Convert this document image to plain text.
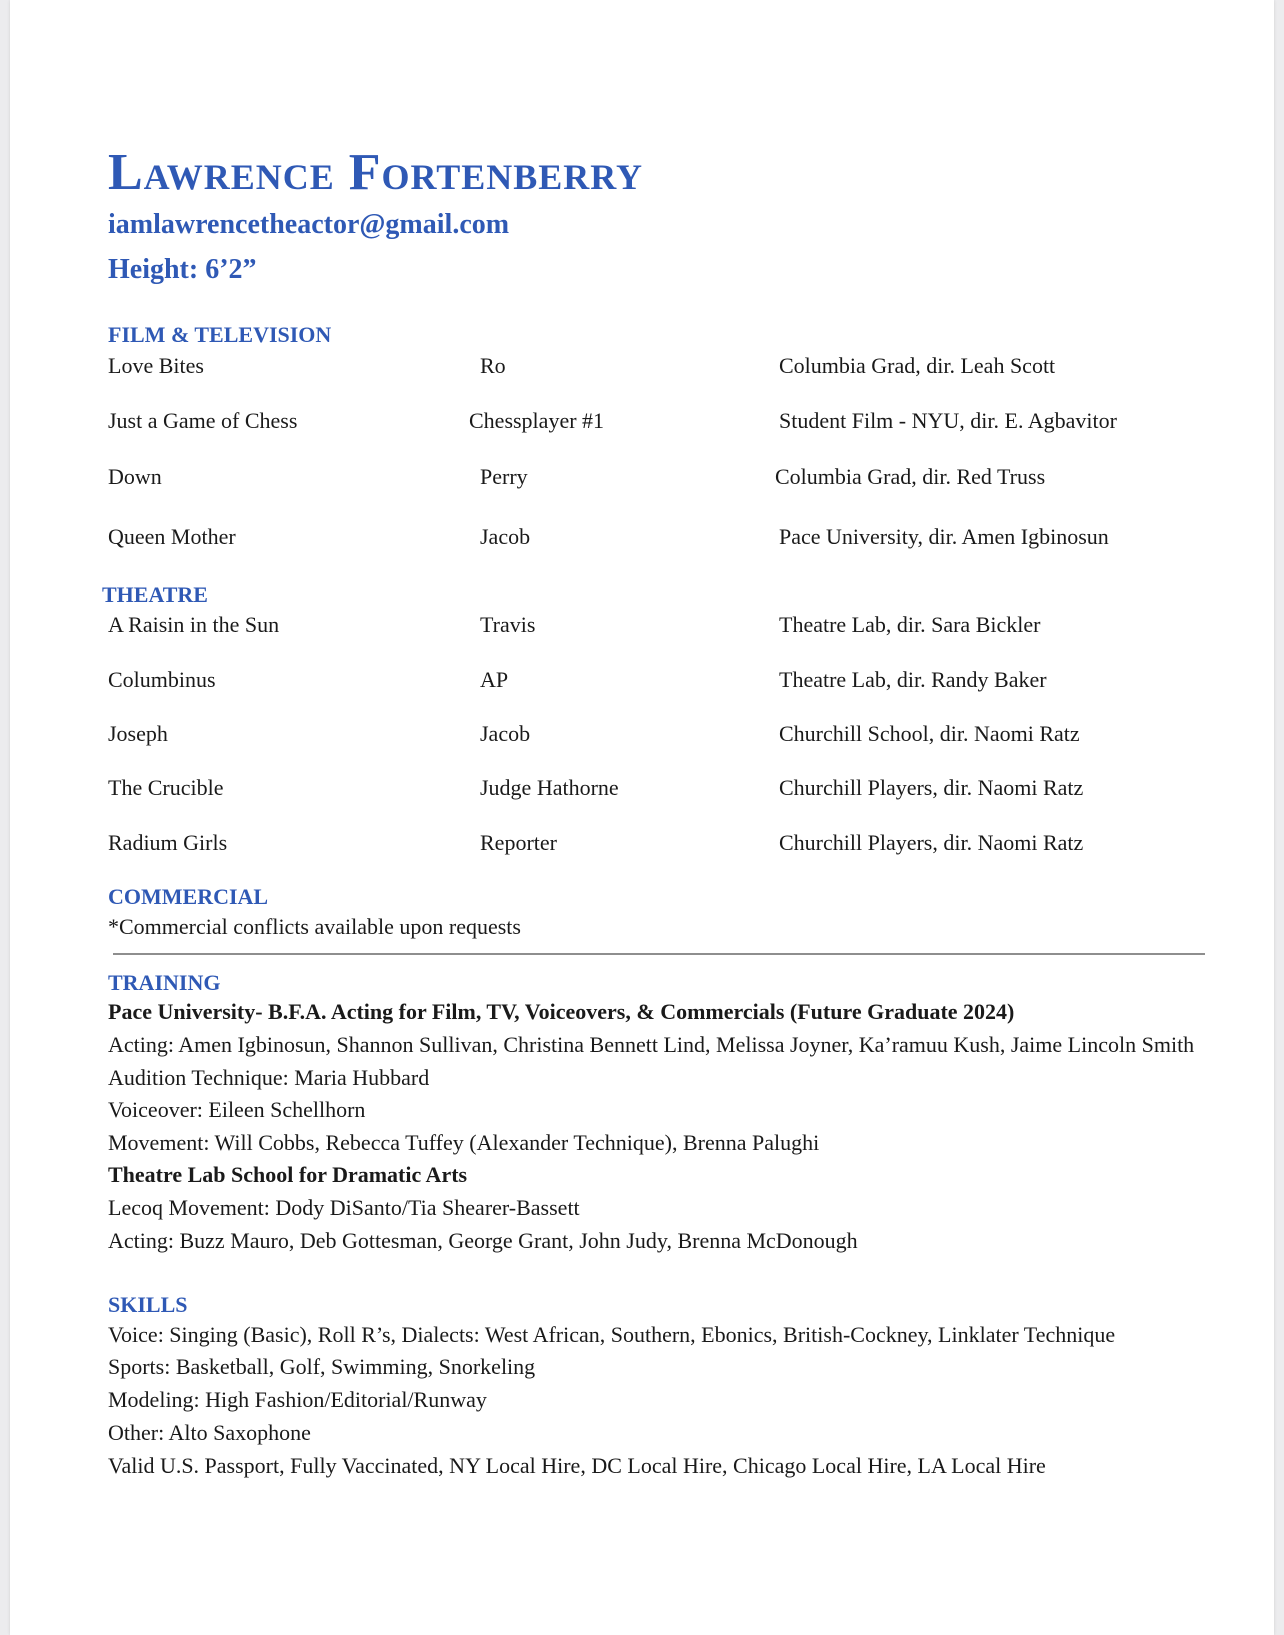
Lawrence Fortenberry
iamlawrencetheactor@gmail.com
Height: 6’2”
FILM & TELEVISION
Love Bites	Ro	Columbia Grad, dir. Leah Scott
Just a Game of Chess	Chessplayer #1	Student Film - NYU, dir. E. Agbavitor
Down	Perry	Columbia Grad, dir. Red Truss
Queen Mother	Jacob	Pace University, dir. Amen Igbinosun
THEATRE
A Raisin in the Sun	Travis	Theatre Lab, dir. Sara Bickler
Columbinus	AP	Theatre Lab, dir. Randy Baker
Joseph	Jacob	Churchill School, dir. Naomi Ratz
The Crucible	Judge Hathorne	Churchill Players, dir. Naomi Ratz
Radium Girls	Reporter	Churchill Players, dir. Naomi Ratz
COMMERCIAL
*Commercial conflicts available upon requests
TRAINING
Pace University- B.F.A. Acting for Film, TV, Voiceovers, & Commercials (Future Graduate 2024)
Acting: Amen Igbinosun, Shannon Sullivan, Christina Bennett Lind, Melissa Joyner, Ka’ramuu Kush, Jaime Lincoln Smith
Audition Technique: Maria Hubbard
Voiceover: Eileen Schellhorn
Movement: Will Cobbs, Rebecca Tuffey (Alexander Technique), Brenna Palughi
Theatre Lab School for Dramatic Arts
Lecoq Movement: Dody DiSanto/Tia Shearer-Bassett
Acting: Buzz Mauro, Deb Gottesman, George Grant, John Judy, Brenna McDonough
SKILLS
Voice: Singing (Basic), Roll R’s, Dialects: West African, Southern, Ebonics, British-Cockney, Linklater Technique
Sports: Basketball, Golf, Swimming, Snorkeling
Modeling: High Fashion/Editorial/Runway
Other: Alto Saxophone
Valid U.S. Passport, Fully Vaccinated, NY Local Hire, DC Local Hire, Chicago Local Hire, LA Local Hire
